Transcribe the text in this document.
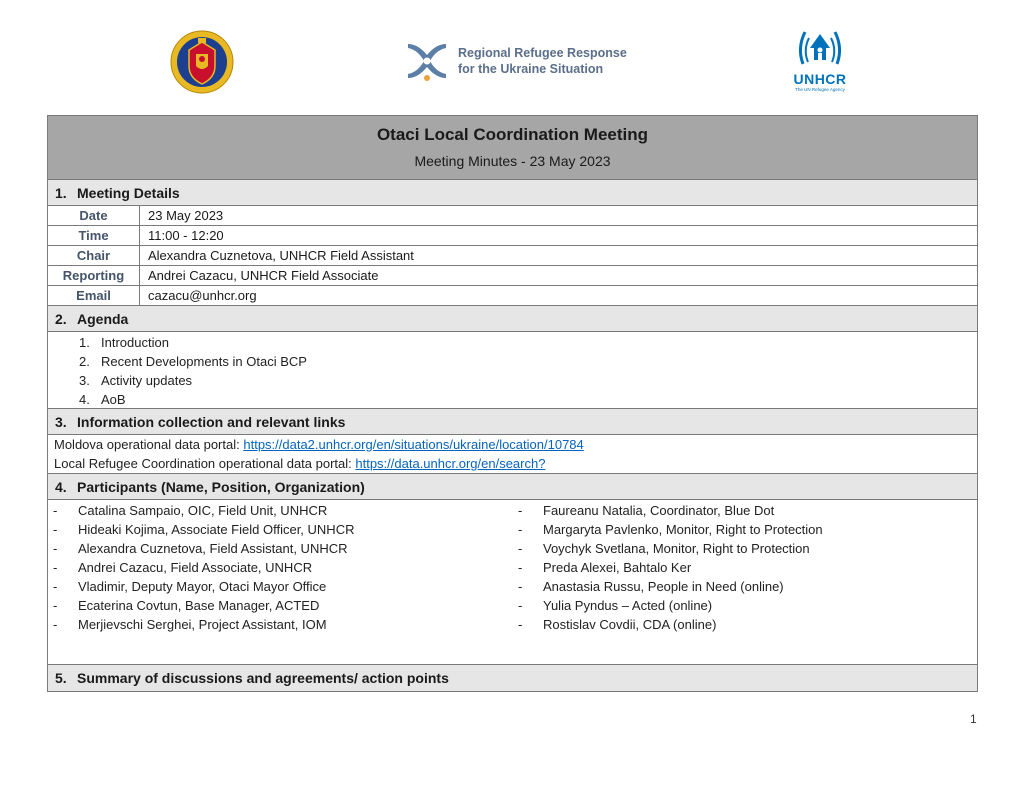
Regional Refugee Response
for the Ukraine Situation
UNHCR
The UN Refugee Agency
Otaci Local Coordination Meeting
Meeting Minutes - 23 May 2023
1. Meeting Details
Date	23 May 2023
Time	11:00 - 12:20
Chair	Alexandra Cuznetova, UNHCR Field Assistant
Reporting	Andrei Cazacu, UNHCR Field Associate
Email	cazacu@unhcr.org
2. Agenda
1. Introduction
2. Recent Developments in Otaci BCP
3. Activity updates
4. AoB
3. Information collection and relevant links
Moldova operational data portal: https://data2.unhcr.org/en/situations/ukraine/location/10784
Local Refugee Coordination operational data portal: https://data.unhcr.org/en/search?
4. Participants (Name, Position, Organization)
- Catalina Sampaio, OIC, Field Unit, UNHCR
- Hideaki Kojima, Associate Field Officer, UNHCR
- Alexandra Cuznetova, Field Assistant, UNHCR
- Andrei Cazacu, Field Associate, UNHCR
- Vladimir, Deputy Mayor, Otaci Mayor Office
- Ecaterina Covtun, Base Manager, ACTED
- Merjievschi Serghei, Project Assistant, IOM
- Faureanu Natalia, Coordinator, Blue Dot
- Margaryta Pavlenko, Monitor, Right to Protection
- Voychyk Svetlana, Monitor, Right to Protection
- Preda Alexei, Bahtalo Ker
- Anastasia Russu, People in Need (online)
- Yulia Pyndus – Acted (online)
- Rostislav Covdii, CDA (online)
5. Summary of discussions and agreements/ action points
1
